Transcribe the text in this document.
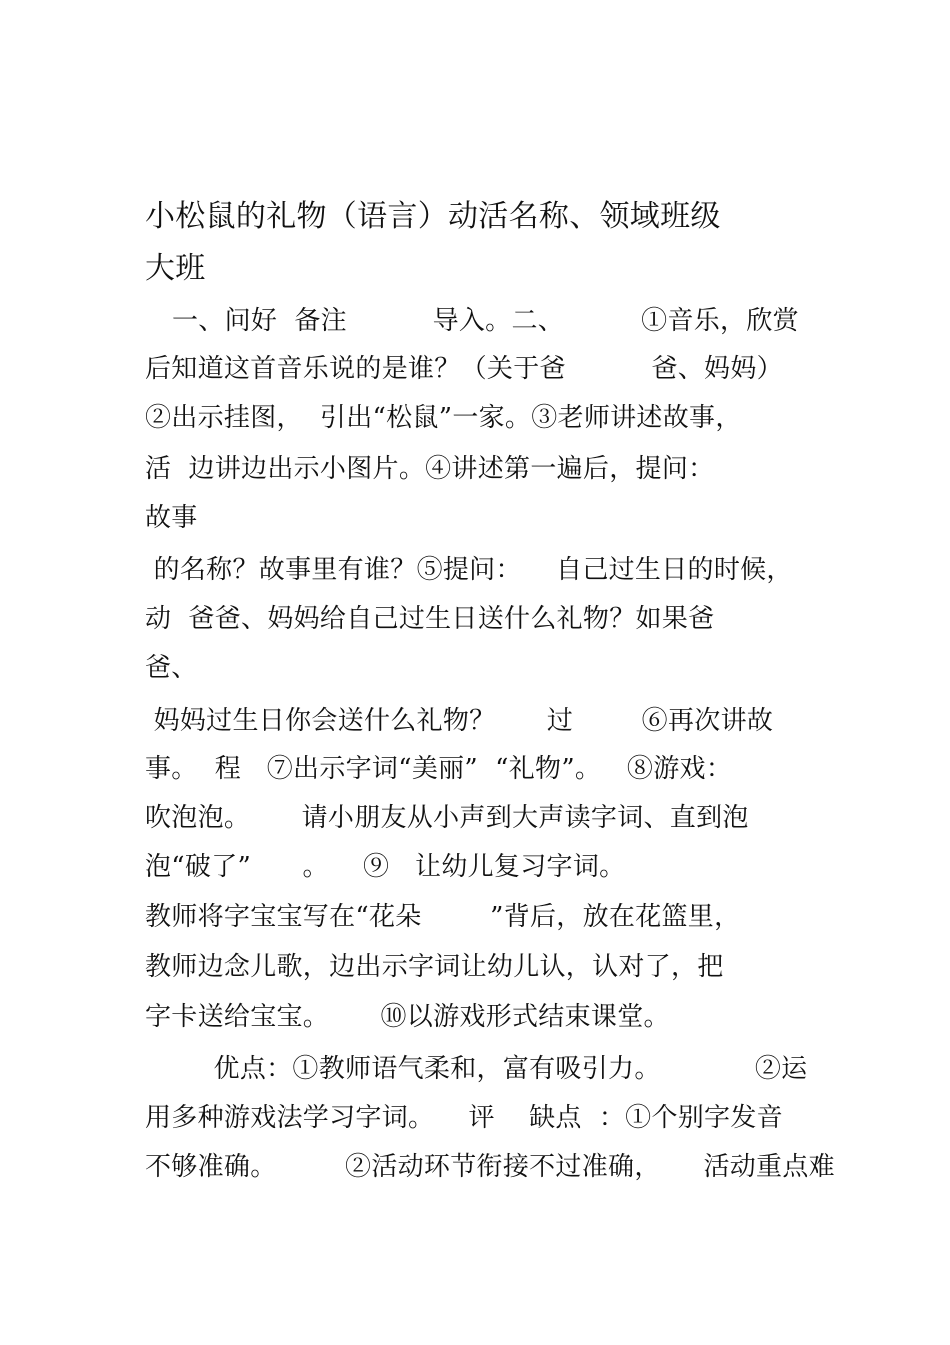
小松鼠的礼物（语言）动活名称、领域班级
大班
一、问好  备注          导入。二、         ①音乐，欣赏
后知道这首音乐说的是谁？（关于爸          爸、妈妈）
②出示挂图，  引出“松鼠”一家。③老师讲述故事，
活  边讲边出示小图片。④讲述第一遍后，提问：
故事
的名称？故事里有谁？⑤提问：    自己过生日的时候，
动  爸爸、妈妈给自己过生日送什么礼物？如果爸
爸、
妈妈过生日你会送什么礼物？      过        ⑥再次讲故
事。  程   ⑦出示字词“美丽”  “礼物”。   ⑧游戏：
吹泡泡。      请小朋友从小声到大声读字词、直到泡
泡“破了”      。    ⑨   让幼儿复习字词。
教师将字宝宝写在“花朵        ”背后，放在花篮里，
教师边念儿歌，边出示字词让幼儿认，认对了，把
字卡送给宝宝。      ⑩以游戏形式结束课堂。
优点：①教师语气柔和，富有吸引力。           ②运
用多种游戏法学习字词。    评    缺点  ：①个别字发音
不够准确。        ②活动环节衔接不过准确，     活动重点难
